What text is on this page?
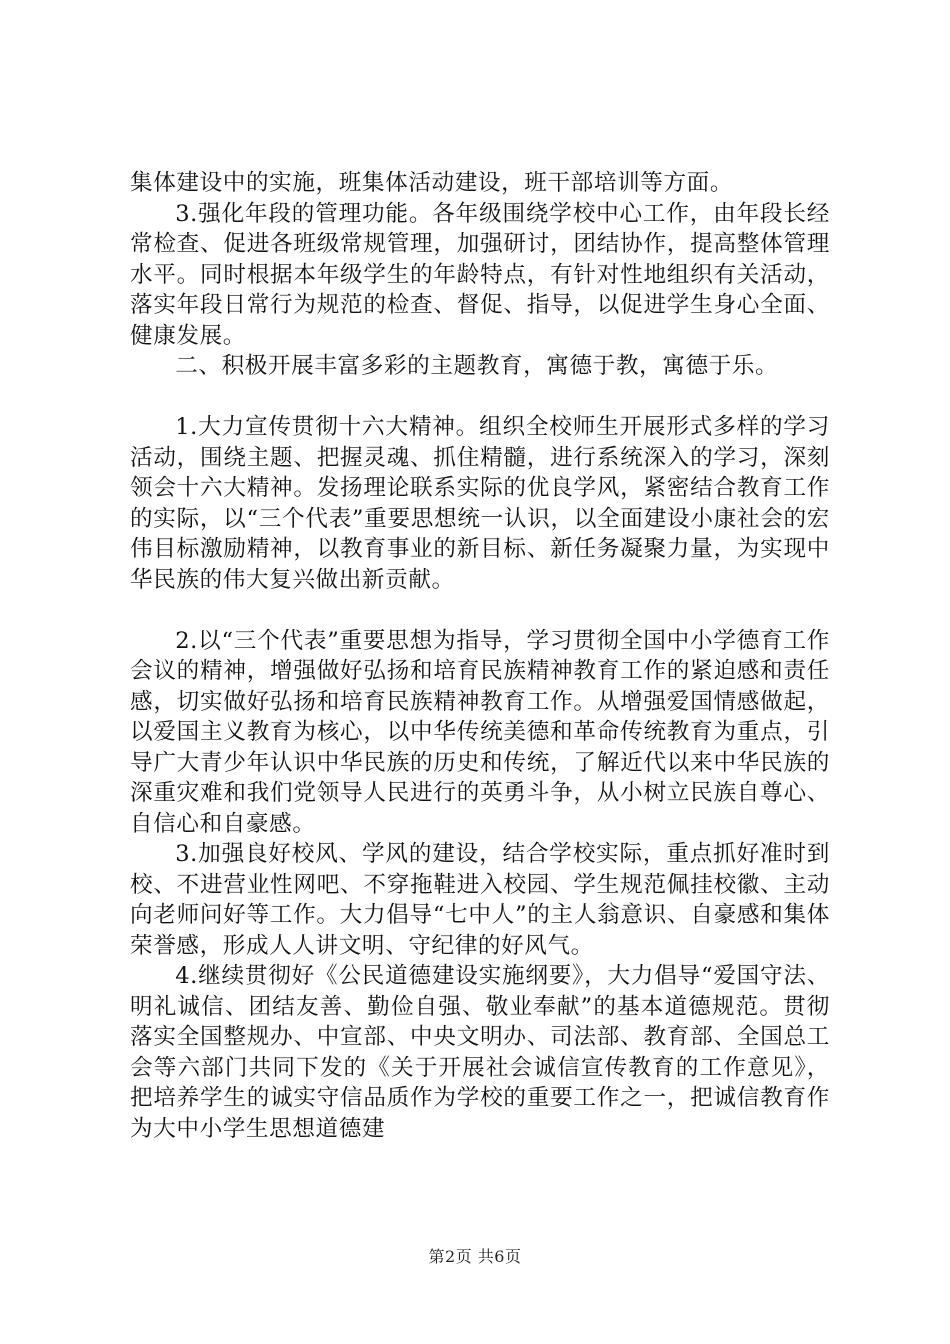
集体建设中的实施，班集体活动建设，班干部培训等方面。

3.强化年段的管理功能。各年级围绕学校中心工作，由年段长经常检查、促进各班级常规管理，加强研讨，团结协作，提高整体管理水平。同时根据本年级学生的年龄特点，有针对性地组织有关活动，落实年段日常行为规范的检查、督促、指导，以促进学生身心全面、健康发展。

二、积极开展丰富多彩的主题教育，寓德于教，寓德于乐。

1.大力宣传贯彻十六大精神。组织全校师生开展形式多样的学习活动，围绕主题、把握灵魂、抓住精髓，进行系统深入的学习，深刻领会十六大精神。发扬理论联系实际的优良学风，紧密结合教育工作的实际，以“三个代表”重要思想统一认识，以全面建设小康社会的宏伟目标激励精神，以教育事业的新目标、新任务凝聚力量，为实现中华民族的伟大复兴做出新贡献。

2.以“三个代表”重要思想为指导，学习贯彻全国中小学德育工作会议的精神，增强做好弘扬和培育民族精神教育工作的紧迫感和责任感，切实做好弘扬和培育民族精神教育工作。从增强爱国情感做起，以爱国主义教育为核心，以中华传统美德和革命传统教育为重点，引导广大青少年认识中华民族的历史和传统，了解近代以来中华民族的深重灾难和我们党领导人民进行的英勇斗争，从小树立民族自尊心、自信心和自豪感。

3.加强良好校风、学风的建设，结合学校实际，重点抓好准时到校、不进营业性网吧、不穿拖鞋进入校园、学生规范佩挂校徽、主动向老师问好等工作。大力倡导“七中人”的主人翁意识、自豪感和集体荣誉感，形成人人讲文明、守纪律的好风气。

4.继续贯彻好《公民道德建设实施纲要》，大力倡导“爱国守法、明礼诚信、团结友善、勤俭自强、敬业奉献”的基本道德规范。贯彻落实全国整规办、中宣部、中央文明办、司法部、教育部、全国总工会等六部门共同下发的《关于开展社会诚信宣传教育的工作意见》，把培养学生的诚实守信品质作为学校的重要工作之一，把诚信教育作为大中小学生思想道德建

第2页 共6页
